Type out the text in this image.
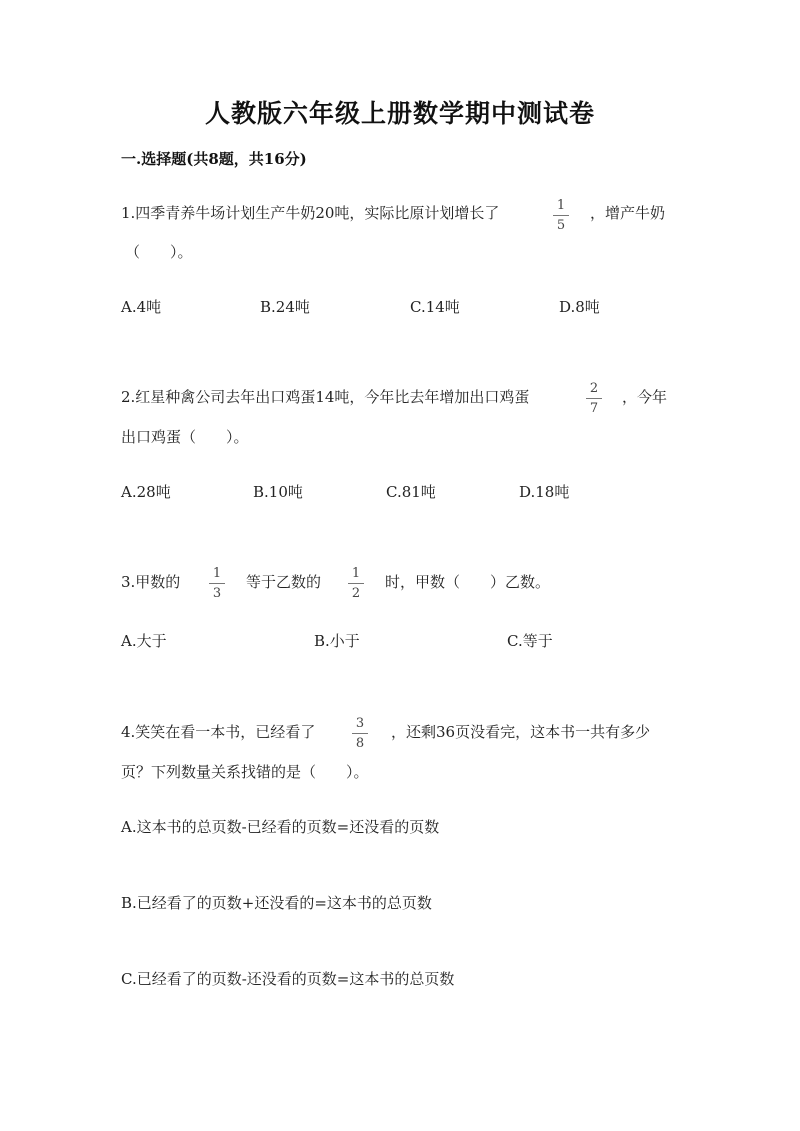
人教版六年级上册数学期中测试卷
一.选择题(共8题，共16分)
1.四季青养牛场计划生产牛奶20吨，实际比原计划增长了	1
5
，增产牛奶
（　　）。
A.4吨	B.24吨	C.14吨	D.8吨
2.红星种禽公司去年出口鸡蛋14吨，今年比去年增加出口鸡蛋	2
7
，今年
出口鸡蛋（　　）。
A.28吨	B.10吨	C.81吨	D.18吨
3.甲数的	1
3
等于乙数的	1
2
时，甲数（　　）乙数。
A.大于	B.小于	C.等于
4.笑笑在看一本书，已经看了	3
8
，还剩36页没看完，这本书一共有多少
页？下列数量关系找错的是（　　）。
A.这本书的总页数-已经看的页数=还没看的页数
B.已经看了的页数+还没看的=这本书的总页数
C.已经看了的页数-还没看的页数=这本书的总页数
